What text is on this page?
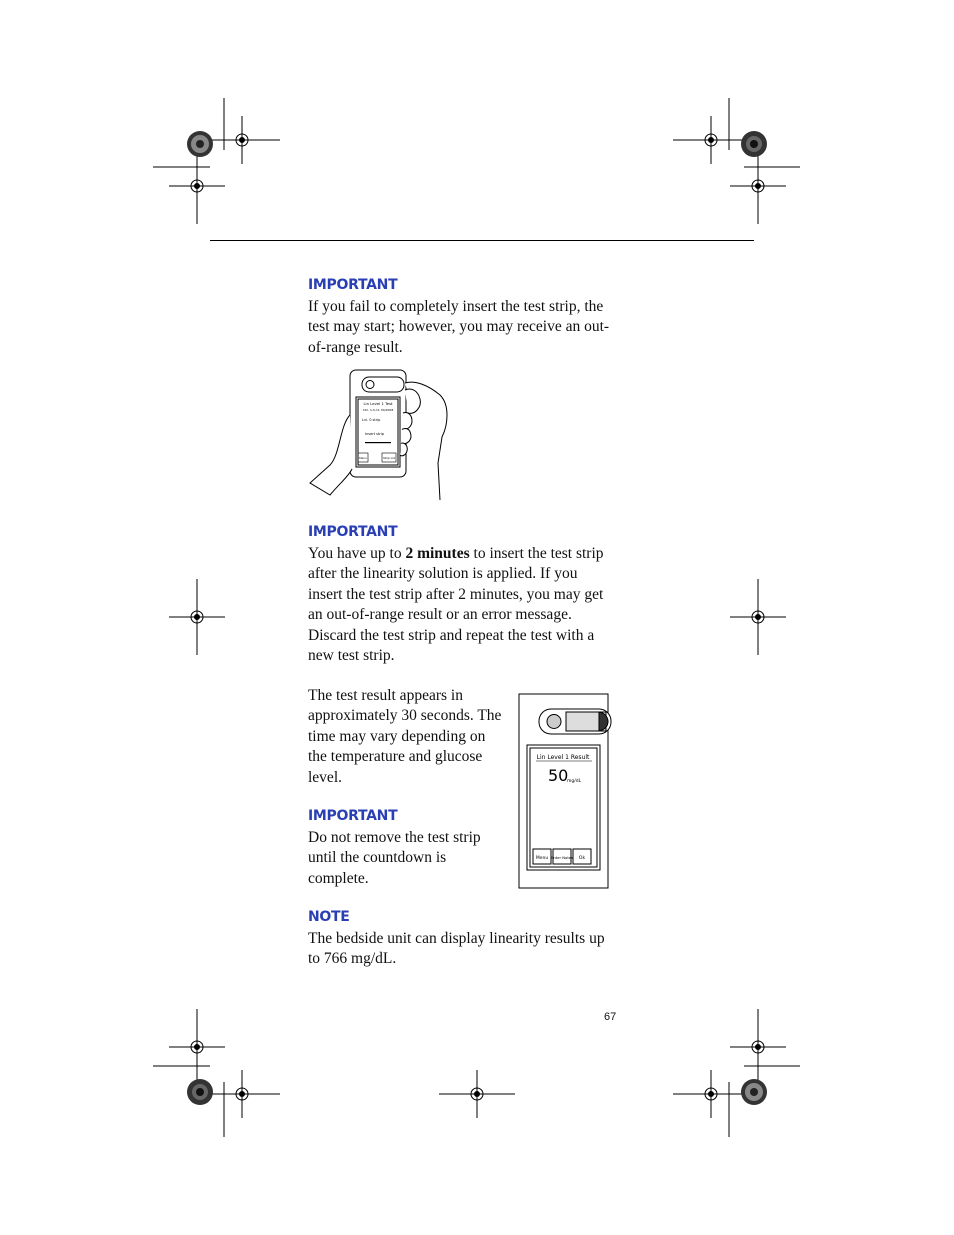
IMPORTANT

If you fail to completely insert the test strip, the test may start; however, you may receive an out-of-range result.

Lin Level 1 Test
Ctrl. 1-5-11 30/2008
Lvl. 0 strip
Insert strip
Menu	Strip Lot
IMPORTANT

You have up to 2 minutes to insert the test strip after the linearity solution is applied. If you insert the test strip after 2 minutes, you may get an out-of-range result or an error message. Discard the test strip and repeat the test with a new test strip.

The test result appears in approximately 30 seconds. The time may vary depending on the temperature and glucose level.

Lin Level 1 Result
50
mg/dL
Menu Enter Notes Ok
IMPORTANT

Do not remove the test strip until the countdown is complete.

NOTE

The bedside unit can display linearity results up to 766 mg/dL.

67
